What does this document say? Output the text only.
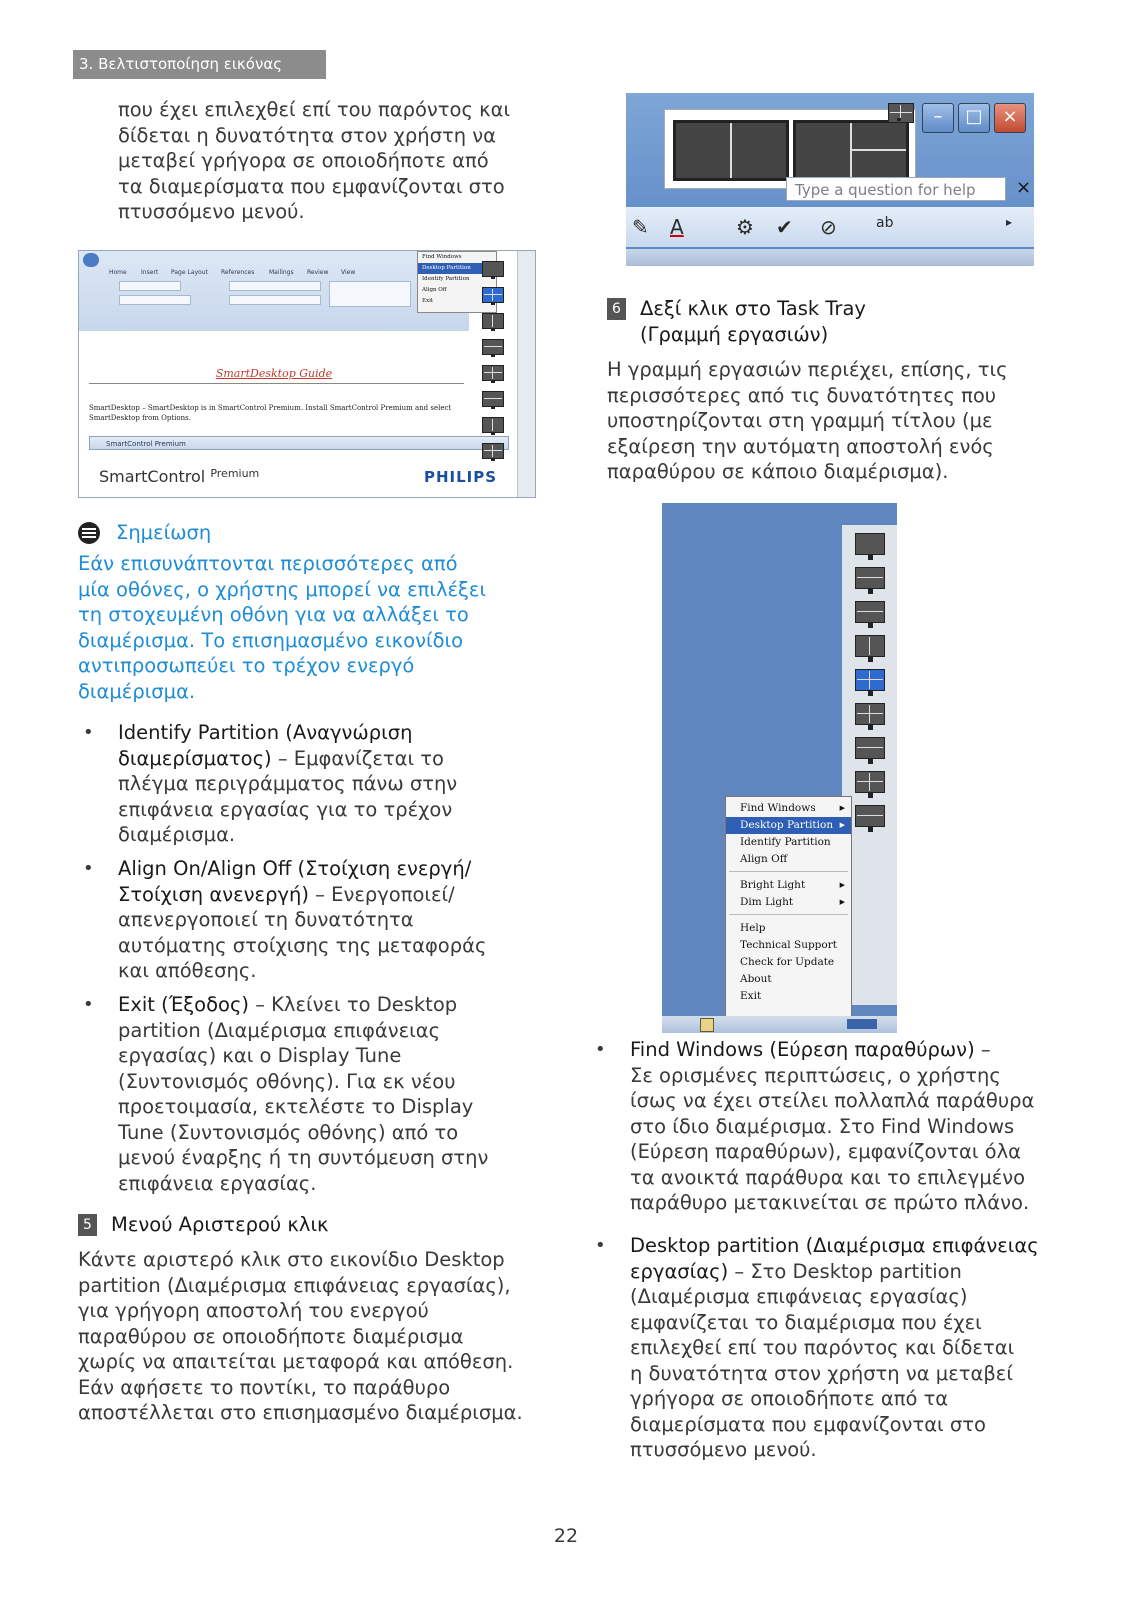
3. Βελτιστοποίηση εικόνας
που έχει επιλεχθεί επί του παρόντος και
δίδεται η δυνατότητα στον χρήστη να
μεταβεί γρήγορα σε οποιοδήποτε από
τα διαμερίσματα που εμφανίζονται στο
πτυσσόμενο μενού.
Home Insert Page Layout References Mailings Review View
SmartDesktop Guide
SmartDesktop – SmartDesktop is in SmartControl Premium. Install SmartControl Premium and select SmartDesktop from Options.
SmartControl Premium
SmartControl $^{Premium}$	PHILIPS
Find Windows
Desktop Partition
Identify Partition
Align Off
Exit
Σημείωση
Εάν επισυνάπτονται περισσότερες από
μία οθόνες, ο χρήστης μπορεί να επιλέξει
τη στοχευμένη οθόνη για να αλλάξει το
διαμέρισμα. Το επισημασμένο εικονίδιο
αντιπροσωπεύει το τρέχον ενεργό
διαμέρισμα.
• Identify Partition (Αναγνώριση
διαμερίσματος) – Εμφανίζεται το
πλέγμα περιγράμματος πάνω στην
επιφάνεια εργασίας για το τρέχον
διαμέρισμα.
• Align On/Align Off (Στοίχιση ενεργή/
Στοίχιση ανενεργή) – Ενεργοποιεί/
απενεργοποιεί τη δυνατότητα
αυτόματης στοίχισης της μεταφοράς
και απόθεσης.
• Exit (Έξοδος) – Κλείνει το Desktop
partition (Διαμέρισμα επιφάνειας
εργασίας) και ο Display Tune
(Συντονισμός οθόνης). Για εκ νέου
προετοιμασία, εκτελέστε το Display
Tune (Συντονισμός οθόνης) από το
μενού έναρξης ή τη συντόμευση στην
επιφάνεια εργασίας.
5 Μενού Αριστερού κλικ
Κάντε αριστερό κλικ στο εικονίδιο Desktop
partition (Διαμέρισμα επιφάνειας εργασίας),
για γρήγορη αποστολή του ενεργού
παραθύρου σε οποιοδήποτε διαμέρισμα
χωρίς να απαιτείται μεταφορά και απόθεση.
Εάν αφήσετε το ποντίκι, το παράθυρο
αποστέλλεται στο επισημασμένο διαμέρισμα.
–	□	×
Type a question for help	×
✎ A	⚙ ✔ ⊘	ab	▸
6 Δεξί κλικ στο Task Tray
(Γραμμή εργασιών)
Η γραμμή εργασιών περιέχει, επίσης, τις
περισσότερες από τις δυνατότητες που
υποστηρίζονται στη γραμμή τίτλου (με
εξαίρεση την αυτόματη αποστολή ενός
παραθύρου σε κάποιο διαμέρισμα).
Find Windows	▶
Desktop Partition ▶
Identify Partition
Align Off
Bright Light	▶
Dim Light	▶
Help
Technical Support
Check for Update
About
Exit
• Find Windows (Εύρεση παραθύρων) –
Σε ορισμένες περιπτώσεις, ο χρήστης
ίσως να έχει στείλει πολλαπλά παράθυρα
στο ίδιο διαμέρισμα. Στο Find Windows
(Εύρεση παραθύρων), εμφανίζονται όλα
τα ανοικτά παράθυρα και το επιλεγμένο
παράθυρο μετακινείται σε πρώτο πλάνο.
• Desktop partition (Διαμέρισμα επιφάνειας
εργασίας) – Στο Desktop partition
(Διαμέρισμα επιφάνειας εργασίας)
εμφανίζεται το διαμέρισμα που έχει
επιλεχθεί επί του παρόντος και δίδεται
η δυνατότητα στον χρήστη να μεταβεί
γρήγορα σε οποιοδήποτε από τα
διαμερίσματα που εμφανίζονται στο
πτυσσόμενο μενού.
22
